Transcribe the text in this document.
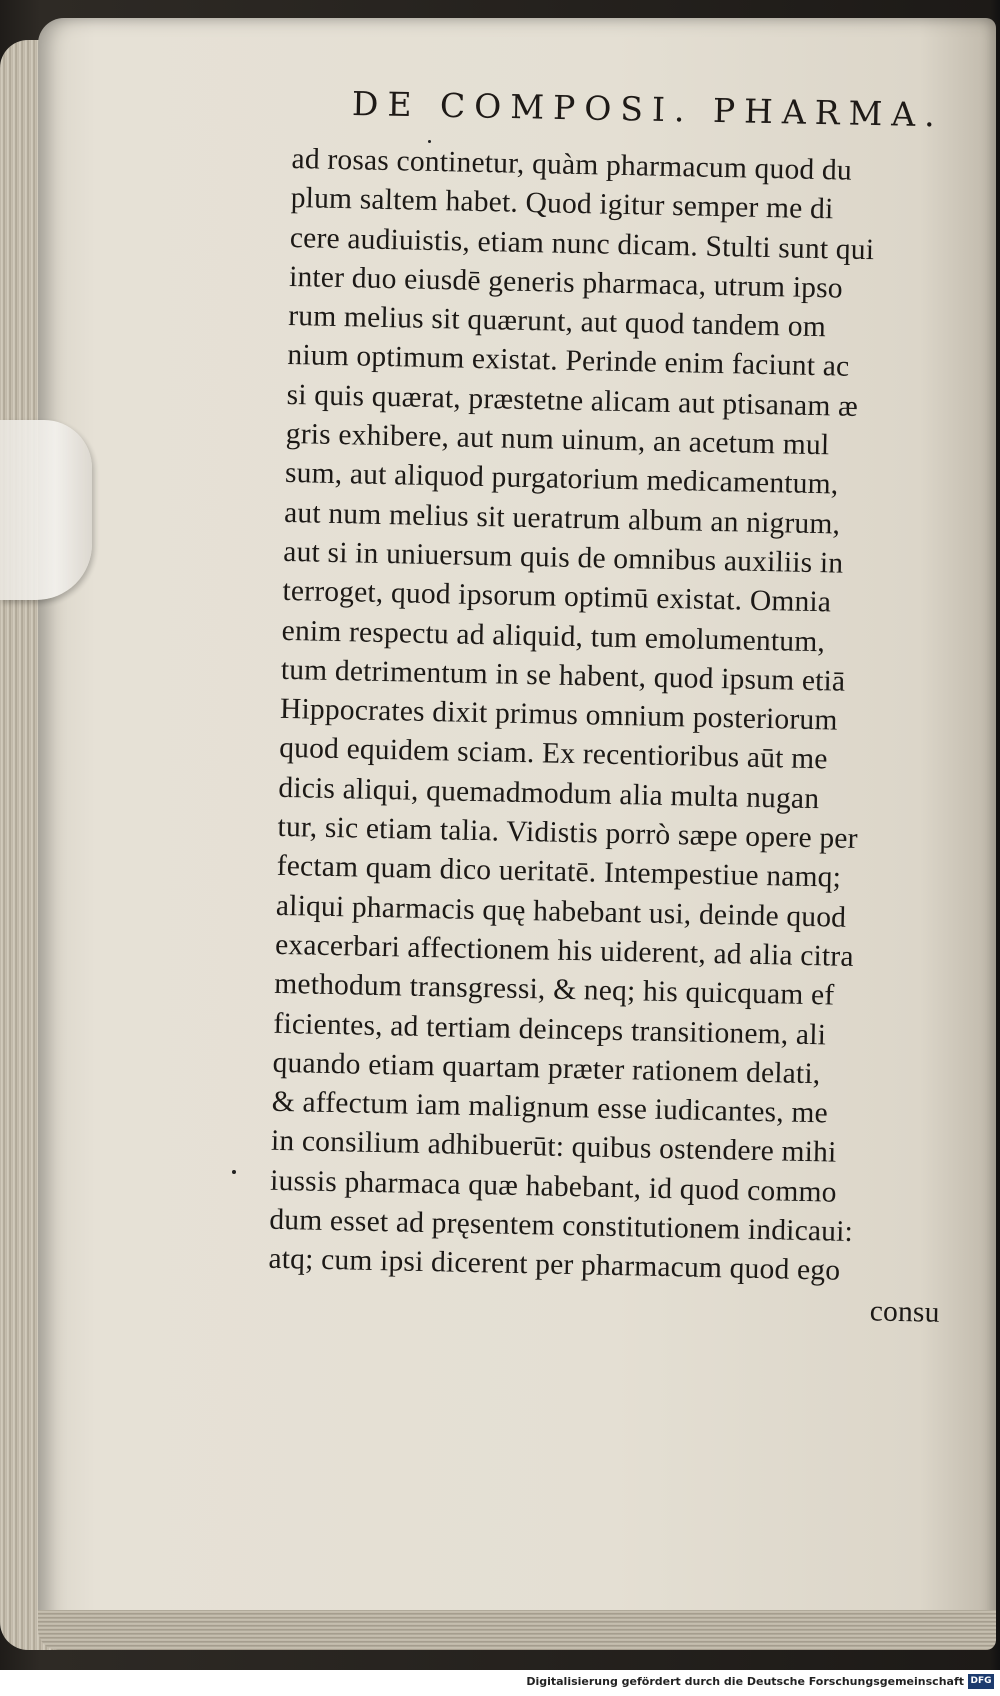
DE COMPOSI. PHARMA.
ad rosas continetur, quàm pharmacum quod du
plum saltem habet. Quod igitur semper me di
cere audiuistis, etiam nunc dicam. Stulti sunt qui
inter duo eiusdē generis pharmaca, utrum ipso
rum melius sit quærunt, aut quod tandem om
nium optimum existat. Perinde enim faciunt ac
si quis quærat, præstetne alicam aut ptisanam æ
gris exhibere, aut num uinum, an acetum mul
sum, aut aliquod purgatorium medicamentum,
aut num melius sit ueratrum album an nigrum,
aut si in uniuersum quis de omnibus auxiliis in
terroget, quod ipsorum optimū existat. Omnia
enim respectu ad aliquid, tum emolumentum,
tum detrimentum in se habent, quod ipsum etiā
Hippocrates dixit primus omnium posteriorum
quod equidem sciam. Ex recentioribus aūt me
dicis aliqui, quemadmodum alia multa nugan
tur, sic etiam talia. Vidistis porrò sæpe opere per
fectam quam dico ueritatē. Intempestiue namq;
aliqui pharmacis quę habebant usi, deinde quod
exacerbari affectionem his uiderent, ad alia citra
methodum transgressi, & neq; his quicquam ef
ficientes, ad tertiam deinceps transitionem, ali
quando etiam quartam præter rationem delati,
& affectum iam malignum esse iudicantes, me
in consilium adhibuerūt: quibus ostendere mihi
iussis pharmaca quæ habebant, id quod commo
dum esset ad pręsentem constitutionem indicaui:
atq; cum ipsi dicerent per pharmacum quod ego
consu
Digitalisierung gefördert durch die Deutsche Forschungsgemeinschaft DFG
